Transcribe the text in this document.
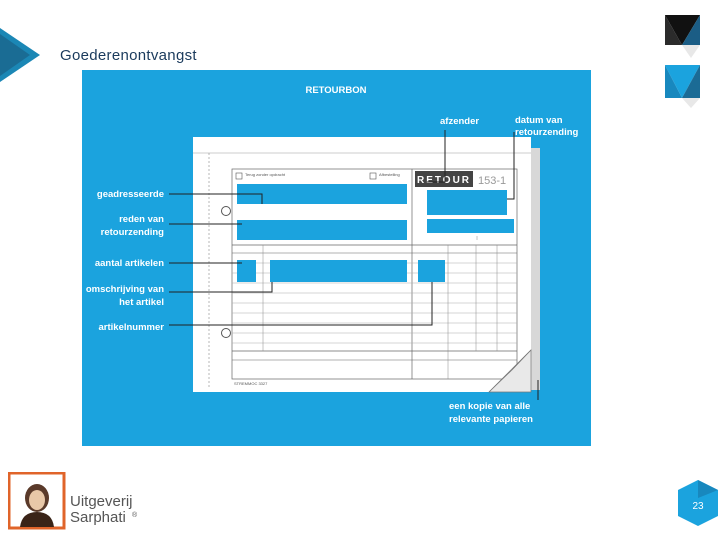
Goederenontvangst
RETOURBON
Terug zonder opdracht	Afbestelling
RETOUR 153-1
STREMMOC 3327
afzender	datum van
retourzending
geadresseerde
reden van
retourzending
aantal artikelen
omschrijving van
het artikel
artikelnummer
een kopie van alle
relevante papieren
Uitgeverij
Sarphati ®
23
